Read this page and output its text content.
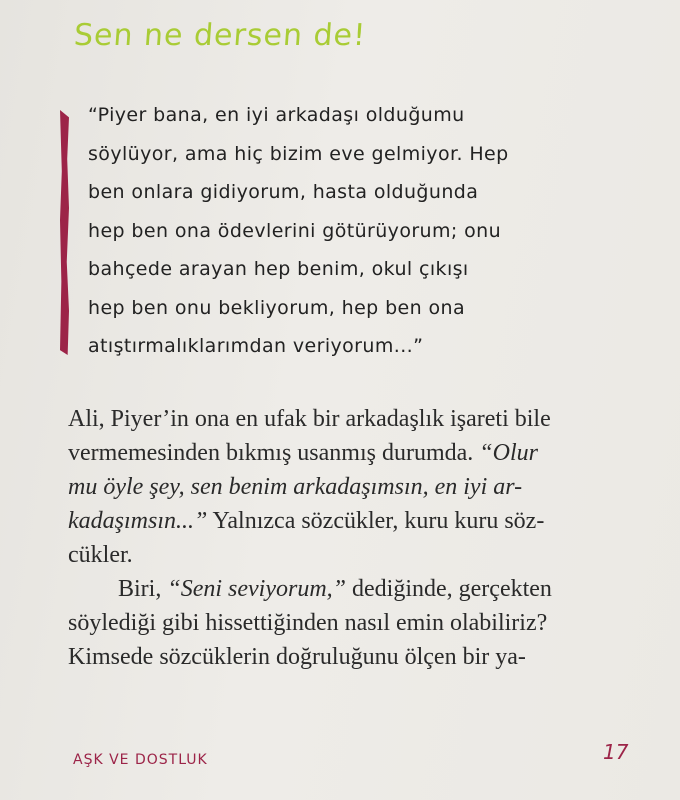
Sen ne dersen de!
“Piyer bana, en iyi arkadaşı olduğumu
söylüyor, ama hiç bizim eve gelmiyor. Hep
ben onlara gidiyorum, hasta olduğunda
hep ben ona ödevlerini götürüyorum; onu
bahçede arayan hep benim, okul çıkışı
hep ben onu bekliyorum, hep ben ona
atıştırmalıklarımdan veriyorum...”
Ali, Piyer’in ona en ufak bir arkadaşlık işareti bile
vermemesinden bıkmış usanmış durumda. “Olur
mu öyle şey, sen benim arkadaşımsın, en iyi ar-
kadaşımsın...” Yalnızca sözcükler, kuru kuru söz-
cükler.
Biri, “Seni seviyorum,” dediğinde, gerçekten
söylediği gibi hissettiğinden nasıl emin olabiliriz?
Kimsede sözcüklerin doğruluğunu ölçen bir ya-
AŞK VE DOSTLUK	17
